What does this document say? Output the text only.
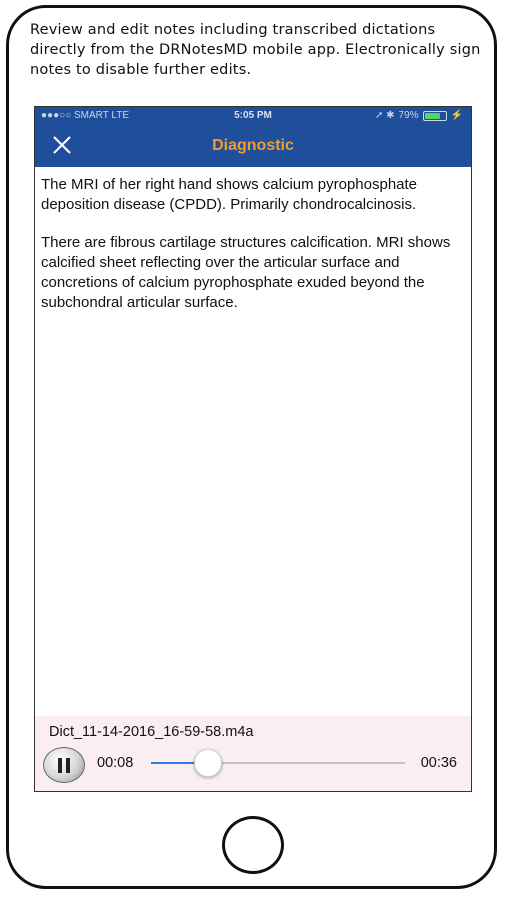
Review and edit notes including transcribed dictations directly from the DRNotesMD mobile app. Electronically sign notes to disable further edits.
●●●○○ SMART LTE	5:05 PM	➚ ✱ 79%	⚡
Diagnostic

The MRI of her right hand shows calcium pyrophosphate deposition disease (CPDD). Primarily chondrocalcinosis.

There are fibrous cartilage structures calcification. MRI shows calcified sheet reflecting over the articular surface and concretions of calcium pyrophosphate exuded beyond the subchondral articular surface.

Dict_11-14-2016_16-59-58.m4a
00:08	00:36
